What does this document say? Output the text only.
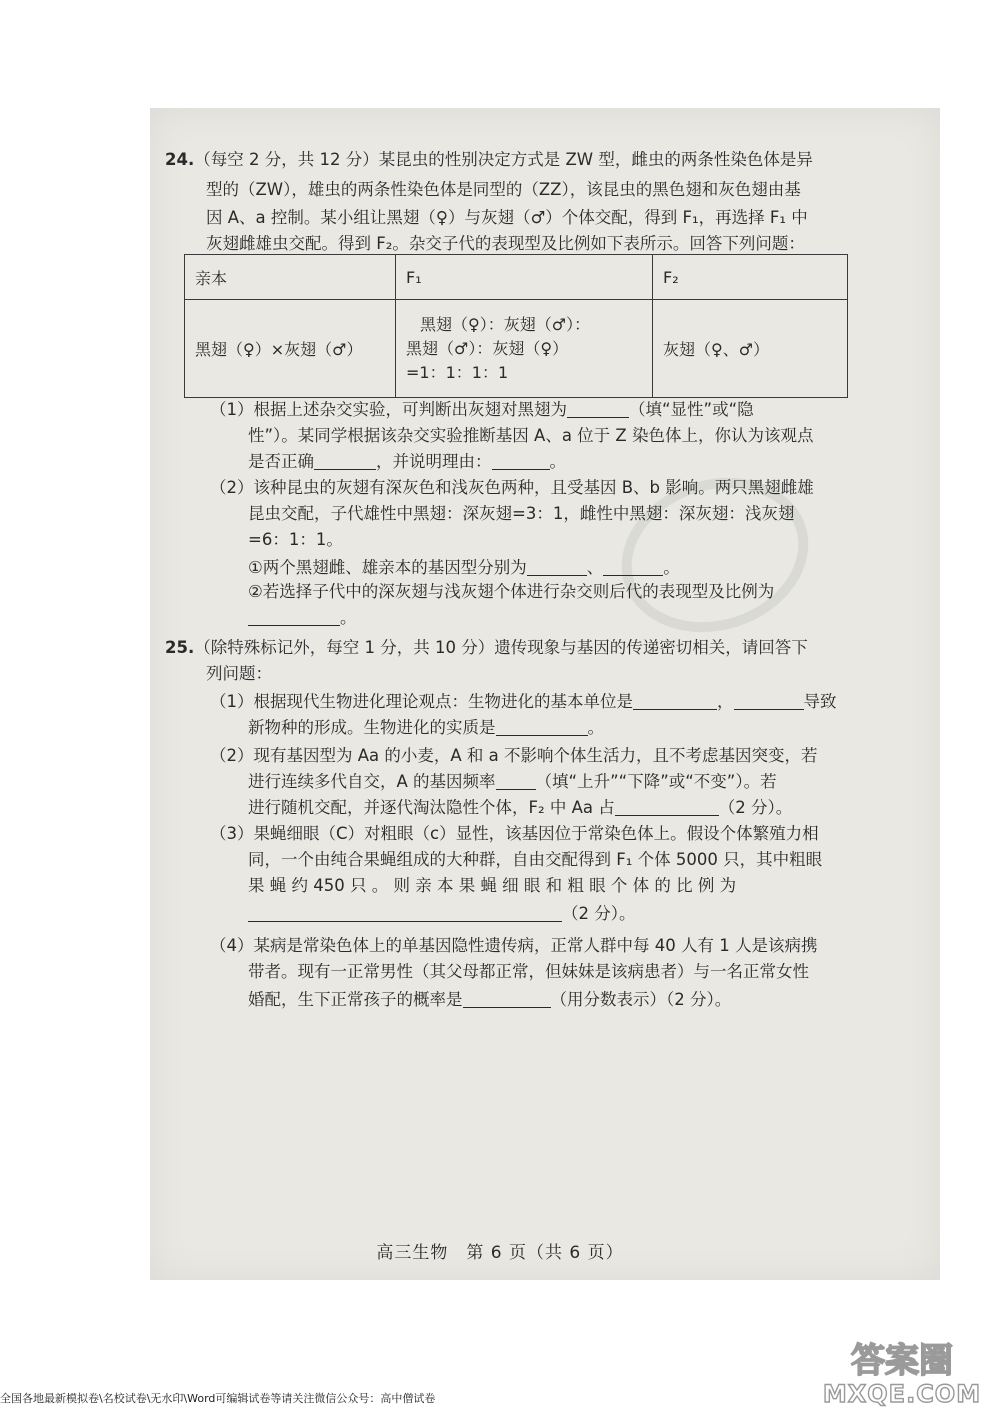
24.（每空 2 分，共 12 分）某昆虫的性别决定方式是 ZW 型，雌虫的两条性染色体是异
型的（ZW），雄虫的两条性染色体是同型的（ZZ），该昆虫的黑色翅和灰色翅由基
因 A、a 控制。某小组让黑翅（♀）与灰翅（♂）个体交配，得到 F₁，再选择 F₁ 中
灰翅雌雄虫交配。得到 F₂。杂交子代的表现型及比例如下表所示。回答下列问题：
亲本	F₁	F₂
黑翅（♀）×灰翅（♂）	黑翅（♀）：灰翅（♂）：
黑翅（♂）：灰翅（♀）
=1：1：1：1	灰翅（♀、♂）
（1）根据上述杂交实验，可判断出灰翅对黑翅为	（填“显性”或“隐
性”）。某同学根据该杂交实验推断基因 A、a 位于 Z 染色体上，你认为该观点
是否正确	，并说明理由：	。
（2）该种昆虫的灰翅有深灰色和浅灰色两种，且受基因 B、b 影响。两只黑翅雌雄
昆虫交配，子代雄性中黑翅：深灰翅=3：1，雌性中黑翅：深灰翅：浅灰翅
=6：1：1。
①两个黑翅雌、雄亲本的基因型分别为	、	。
②若选择子代中的深灰翅与浅灰翅个体进行杂交则后代的表现型及比例为
。
25.（除特殊标记外，每空 1 分，共 10 分）遗传现象与基因的传递密切相关，请回答下
列问题：
（1）根据现代生物进化理论观点：生物进化的基本单位是	，	导致
新物种的形成。生物进化的实质是	。
（2）现有基因型为 Aa 的小麦，A 和 a 不影响个体生活力，且不考虑基因突变，若
进行连续多代自交，A 的基因频率 （填“上升”“下降”或“不变”）。若
进行随机交配，并逐代淘汰隐性个体，F₂ 中 Aa 占	（2 分）。
（3）果蝇细眼（C）对粗眼（c）显性，该基因位于常染色体上。假设个体繁殖力相
同，一个由纯合果蝇组成的大种群，自由交配得到 F₁ 个体 5000 只，其中粗眼
果 蝇 约 450 只 。 则 亲 本 果 蝇 细 眼 和 粗 眼 个 体 的 比 例 为
（2 分）。
（4）某病是常染色体上的单基因隐性遗传病，正常人群中每 40 人有 1 人是该病携
带者。现有一正常男性（其父母都正常，但妹妹是该病患者）与一名正常女性
婚配，生下正常孩子的概率是	（用分数表示）（2 分）。
高三生物　第 6 页（共 6 页）
全国各地最新模拟卷\名校试卷\无水印\Word可编辑试卷等请关注微信公众号：高中僧试卷
答案圈
MXQE.COM
